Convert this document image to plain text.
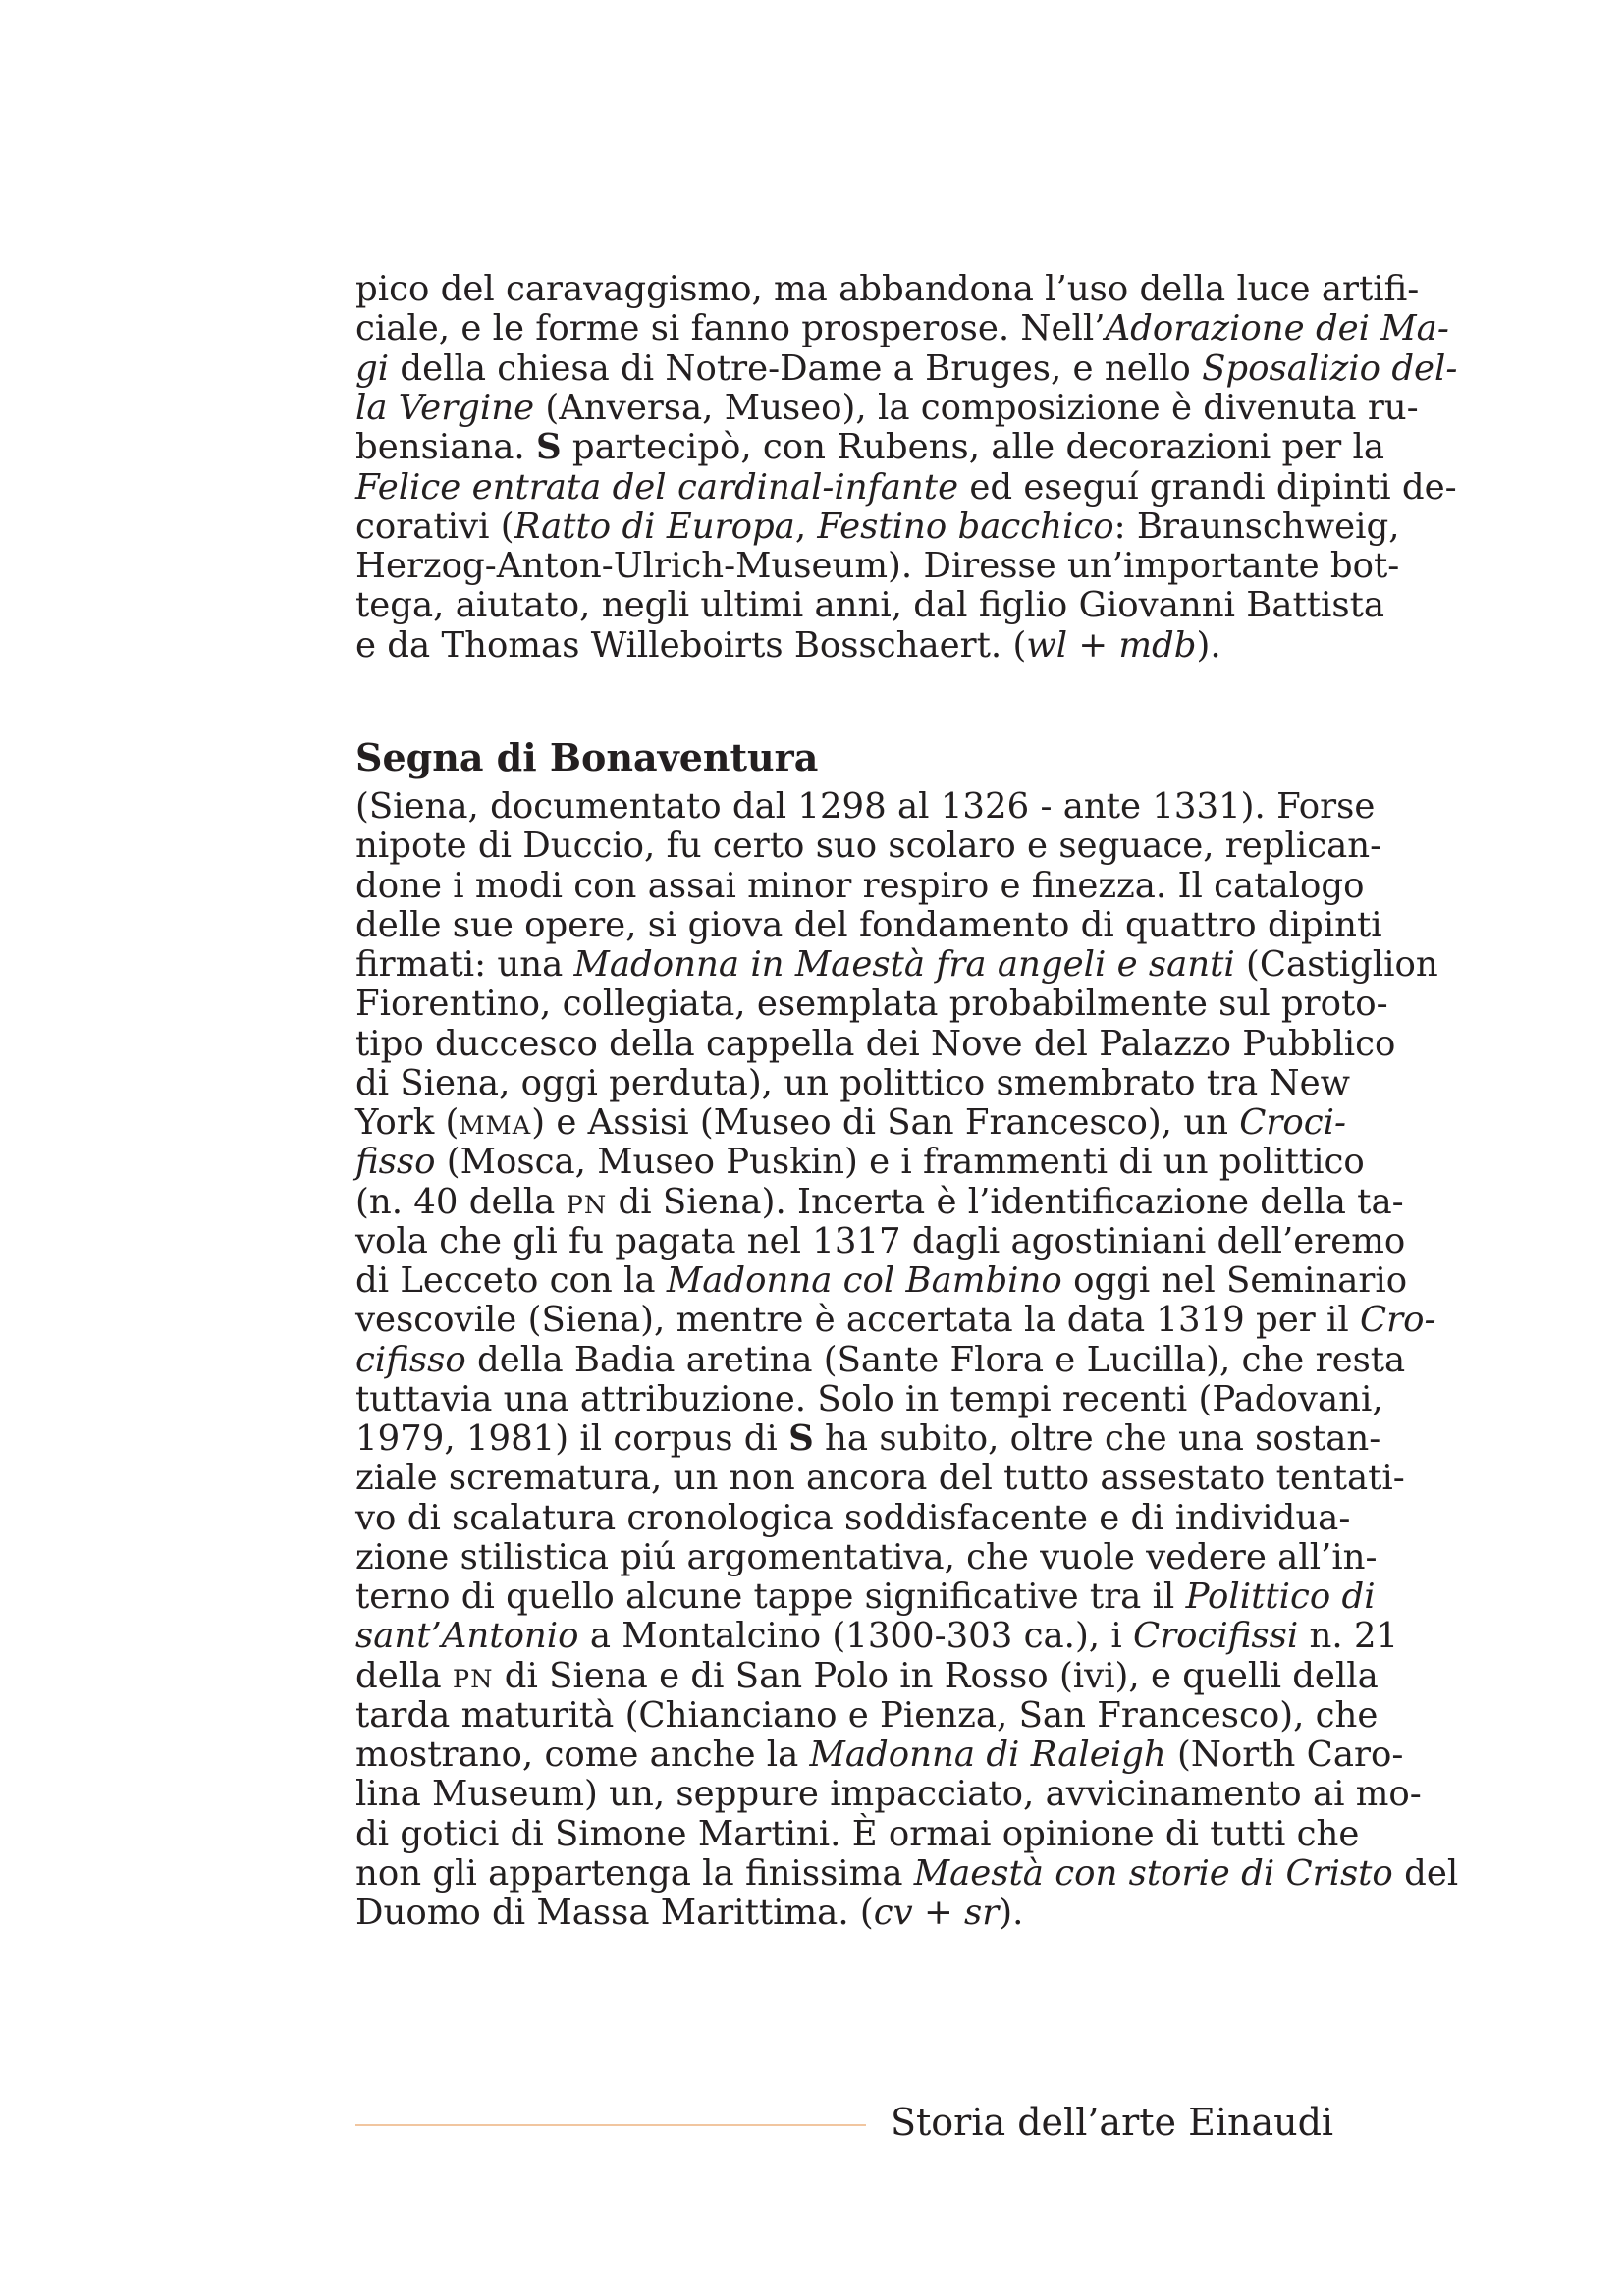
pico del caravaggismo, ma abbandona l’uso della luce artifi-
ciale, e le forme si fanno prosperose. Nell’Adorazione dei Ma-
gi della chiesa di Notre-Dame a Bruges, e nello Sposalizio del-
la Vergine (Anversa, Museo), la composizione è divenuta ru-
bensiana. S partecipò, con Rubens, alle decorazioni per la
Felice entrata del cardinal-infante ed eseguí grandi dipinti de-
corativi (Ratto di Europa, Festino bacchico: Braunschweig,
Herzog-Anton-Ulrich-Museum). Diresse un’importante bot-
tega, aiutato, negli ultimi anni, dal figlio Giovanni Battista
e da Thomas Willeboirts Bosschaert. (wl + mdb).
Segna di Bonaventura
(Siena, documentato dal 1298 al 1326 - ante 1331). Forse
nipote di Duccio, fu certo suo scolaro e seguace, replican-
done i modi con assai minor respiro e finezza. Il catalogo
delle sue opere, si giova del fondamento di quattro dipinti
firmati: una Madonna in Maestà fra angeli e santi (Castiglion
Fiorentino, collegiata, esemplata probabilmente sul proto-
tipo duccesco della cappella dei Nove del Palazzo Pubblico
di Siena, oggi perduta), un polittico smembrato tra New
York (MMA) e Assisi (Museo di San Francesco), un Croci-
fisso (Mosca, Museo Puskin) e i frammenti di un polittico
(n. 40 della PN di Siena). Incerta è l’identificazione della ta-
vola che gli fu pagata nel 1317 dagli agostiniani dell’eremo
di Lecceto con la Madonna col Bambino oggi nel Seminario
vescovile (Siena), mentre è accertata la data 1319 per il Cro-
cifisso della Badia aretina (Sante Flora e Lucilla), che resta
tuttavia una attribuzione. Solo in tempi recenti (Padovani,
1979, 1981) il corpus di S ha subito, oltre che una sostan-
ziale scrematura, un non ancora del tutto assestato tentati-
vo di scalatura cronologica soddisfacente e di individua-
zione stilistica piú argomentativa, che vuole vedere all’in-
terno di quello alcune tappe significative tra il Polittico di
sant’Antonio a Montalcino (1300-303 ca.), i Crocifissi n. 21
della PN di Siena e di San Polo in Rosso (ivi), e quelli della
tarda maturità (Chianciano e Pienza, San Francesco), che
mostrano, come anche la Madonna di Raleigh (North Caro-
lina Museum) un, seppure impacciato, avvicinamento ai mo-
di gotici di Simone Martini. È ormai opinione di tutti che
non gli appartenga la finissima Maestà con storie di Cristo del
Duomo di Massa Marittima. (cv + sr).
Storia dell’arte Einaudi
